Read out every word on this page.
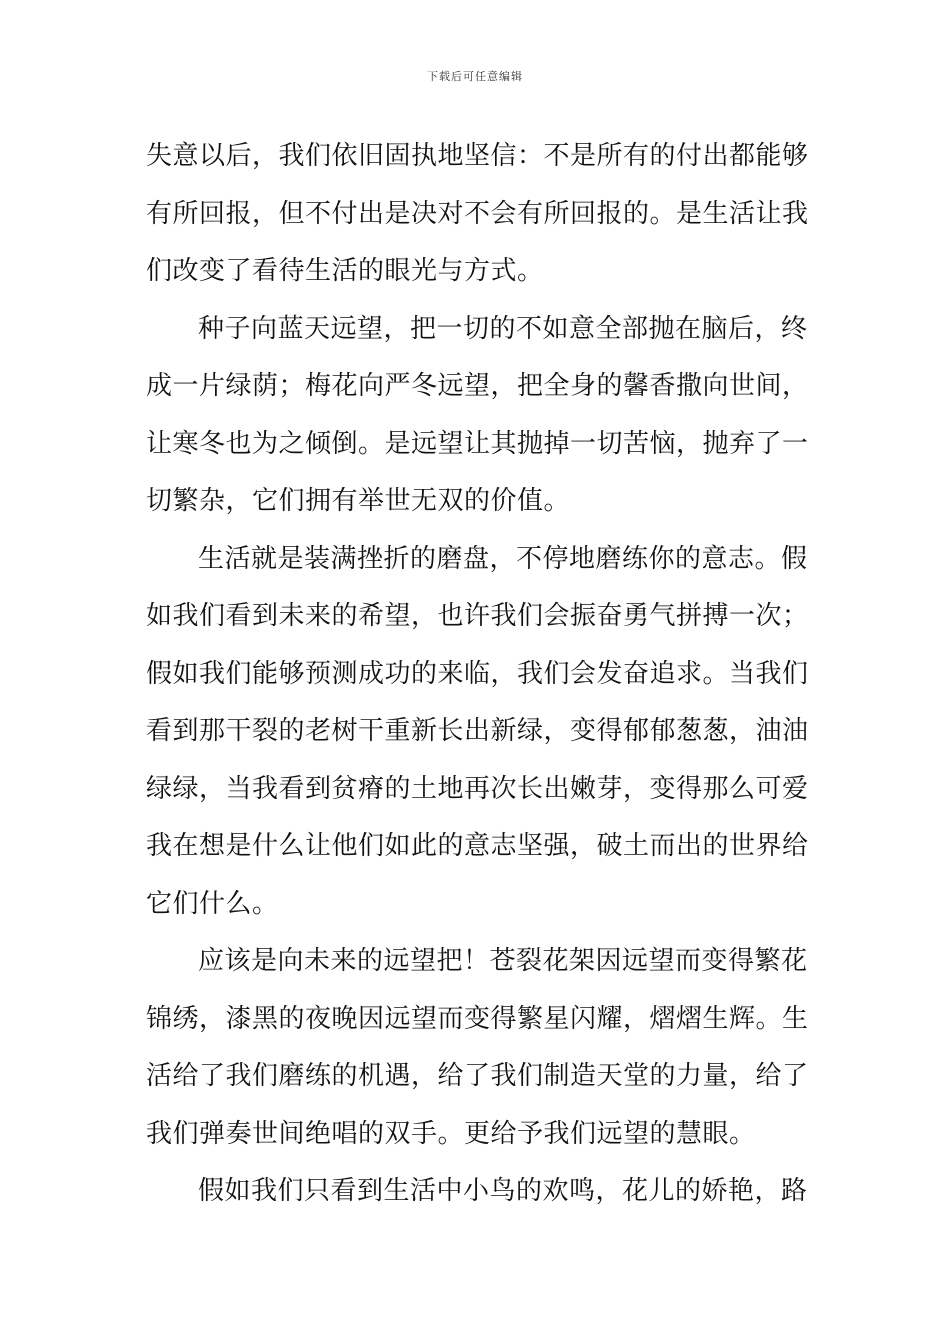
下载后可任意编辑
失意以后，我们依旧固执地坚信：不是所有的付出都能够
有所回报，但不付出是决对不会有所回报的。是生活让我
们改变了看待生活的眼光与方式。
种子向蓝天远望，把一切的不如意全部抛在脑后，终
成一片绿荫；梅花向严冬远望，把全身的馨香撒向世间，
让寒冬也为之倾倒。是远望让其抛掉一切苦恼，抛弃了一
切繁杂，它们拥有举世无双的价值。
生活就是装满挫折的磨盘，不停地磨练你的意志。假
如我们看到未来的希望，也许我们会振奋勇气拼搏一次；
假如我们能够预测成功的来临，我们会发奋追求。当我们
看到那干裂的老树干重新长出新绿，变得郁郁葱葱，油油
绿绿，当我看到贫瘠的土地再次长出嫩芽，变得那么可爱
我在想是什么让他们如此的意志坚强，破土而出的世界给
它们什么。
应该是向未来的远望把！苍裂花架因远望而变得繁花
锦绣，漆黑的夜晚因远望而变得繁星闪耀，熠熠生辉。生
活给了我们磨练的机遇，给了我们制造天堂的力量，给了
我们弹奏世间绝唱的双手。更给予我们远望的慧眼。
假如我们只看到生活中小鸟的欢鸣，花儿的娇艳，路
